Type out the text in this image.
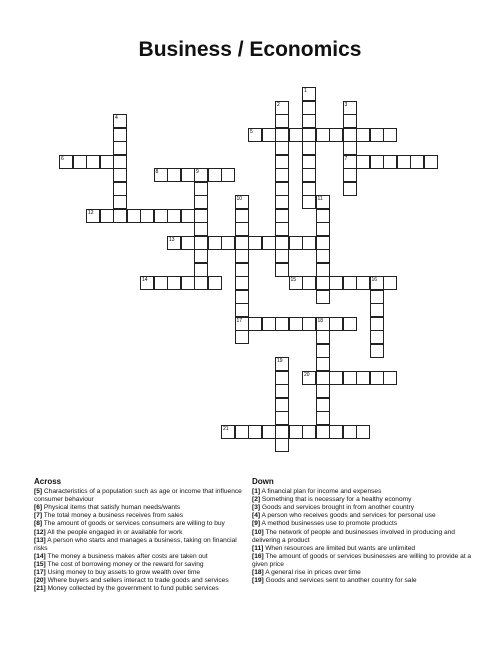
Business / Economics
1
2	3
7
4
5
6
8	9
10
17
11
12
13
14	15	16
18
19
20
21
Across
[5] Characteristics of a population such as age or income that influence consumer behaviour
[6] Physical items that satisfy human needs/wants
[7] The total money a business receives from sales
[8] The amount of goods or services consumers are willing to buy
[12] All the people engaged in or available for work
[13] A person who starts and manages a business, taking on financial risks
[14] The money a business makes after costs are taken out
[15] The cost of borrowing money or the reward for saving
[17] Using money to buy assets to grow wealth over time
[20] Where buyers and sellers interact to trade goods and services
[21] Money collected by the government to fund public services
Down
[1] A financial plan for income and expenses
[2] Something that is necessary for a healthy economy
[3] Goods and services brought in from another country
[4] A person who receives goods and services for personal use
[9] A method businesses use to promote products
[10] The network of people and businesses involved in producing and delivering a product
[11] When resources are limited but wants are unlimited
[16] The amount of goods or services businesses are willing to provide at a given price
[18] A general rise in prices over time
[19] Goods and services sent to another country for sale
